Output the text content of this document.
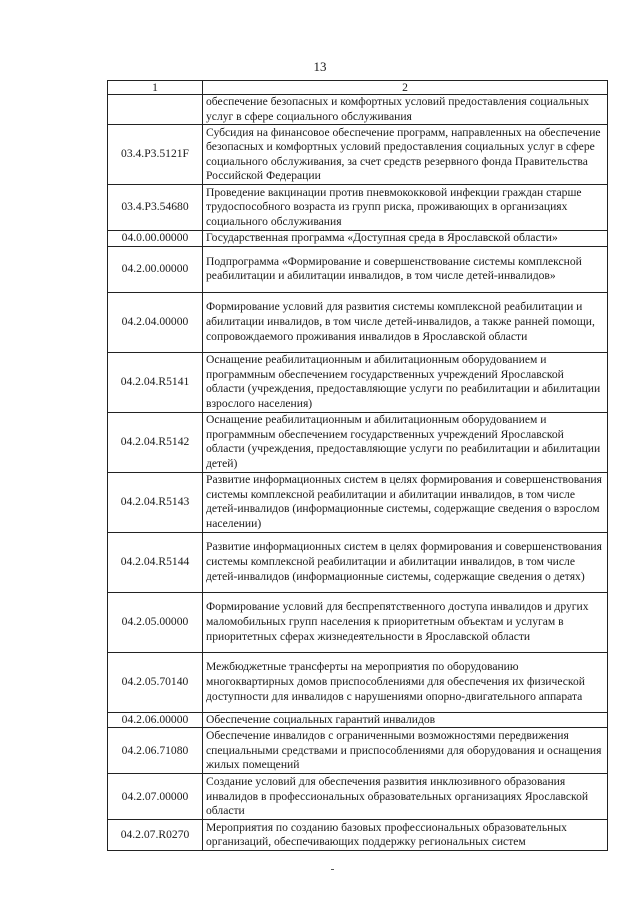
13
1	2
	обеспечение безопасных и комфортных условий предоставления социальных услуг в сфере социального обслуживания
03.4.P3.5121F	Субсидия на финансовое обеспечение программ, направленных на обеспечение безопасных и комфортных условий предоставления социальных услуг в сфере социального обслуживания, за счет средств резервного фонда Правительства Российской Федерации
03.4.P3.54680	Проведение вакцинации против пневмококковой инфекции граждан старше трудоспособного возраста из групп риска, проживающих в организациях социального обслуживания
04.0.00.00000	Государственная программа «Доступная среда в Ярославской области»
04.2.00.00000	Подпрограмма «Формирование и совершенствование системы комплексной реабилитации и абилитации инвалидов, в том числе детей-инвалидов»
04.2.04.00000	Формирование условий для развития системы комплексной реабилитации и абилитации инвалидов, в том числе детей-инвалидов, а также ранней помощи, сопровождаемого проживания инвалидов в Ярославской области
04.2.04.R5141	Оснащение реабилитационным и абилитационным оборудованием и программным обеспечением государственных учреждений Ярославской области (учреждения, предоставляющие услуги по реабилитации и абилитации взрослого населения)
04.2.04.R5142	Оснащение реабилитационным и абилитационным оборудованием и программным обеспечением государственных учреждений Ярославской области (учреждения, предоставляющие услуги по реабилитации и абилитации детей)
04.2.04.R5143	Развитие информационных систем в целях формирования и совершенствования системы комплексной реабилитации и абилитации инвалидов, в том числе детей-инвалидов (информационные системы, содержащие сведения о взрослом населении)
04.2.04.R5144	Развитие информационных систем в целях формирования и совершенствования системы комплексной реабилитации и абилитации инвалидов, в том числе детей-инвалидов (информационные системы, содержащие сведения о детях)
04.2.05.00000	Формирование условий для беспрепятственного доступа инвалидов и других маломобильных групп населения к приоритетным объектам и услугам в приоритетных сферах жизнедеятельности в Ярославской области
04.2.05.70140	Межбюджетные трансферты на мероприятия по оборудованию многоквартирных домов приспособлениями для обеспечения их физической доступности для инвалидов с нарушениями опорно-двигательного аппарата
04.2.06.00000	Обеспечение социальных гарантий инвалидов
04.2.06.71080	Обеспечение инвалидов с ограниченными возможностями передвижения специальными средствами и приспособлениями для оборудования и оснащения жилых помещений
04.2.07.00000	Создание условий для обеспечения развития инклюзивного образования инвалидов в профессиональных образовательных организациях Ярославской области
04.2.07.R0270	Мероприятия по созданию базовых профессиональных образовательных организаций, обеспечивающих поддержку региональных систем
